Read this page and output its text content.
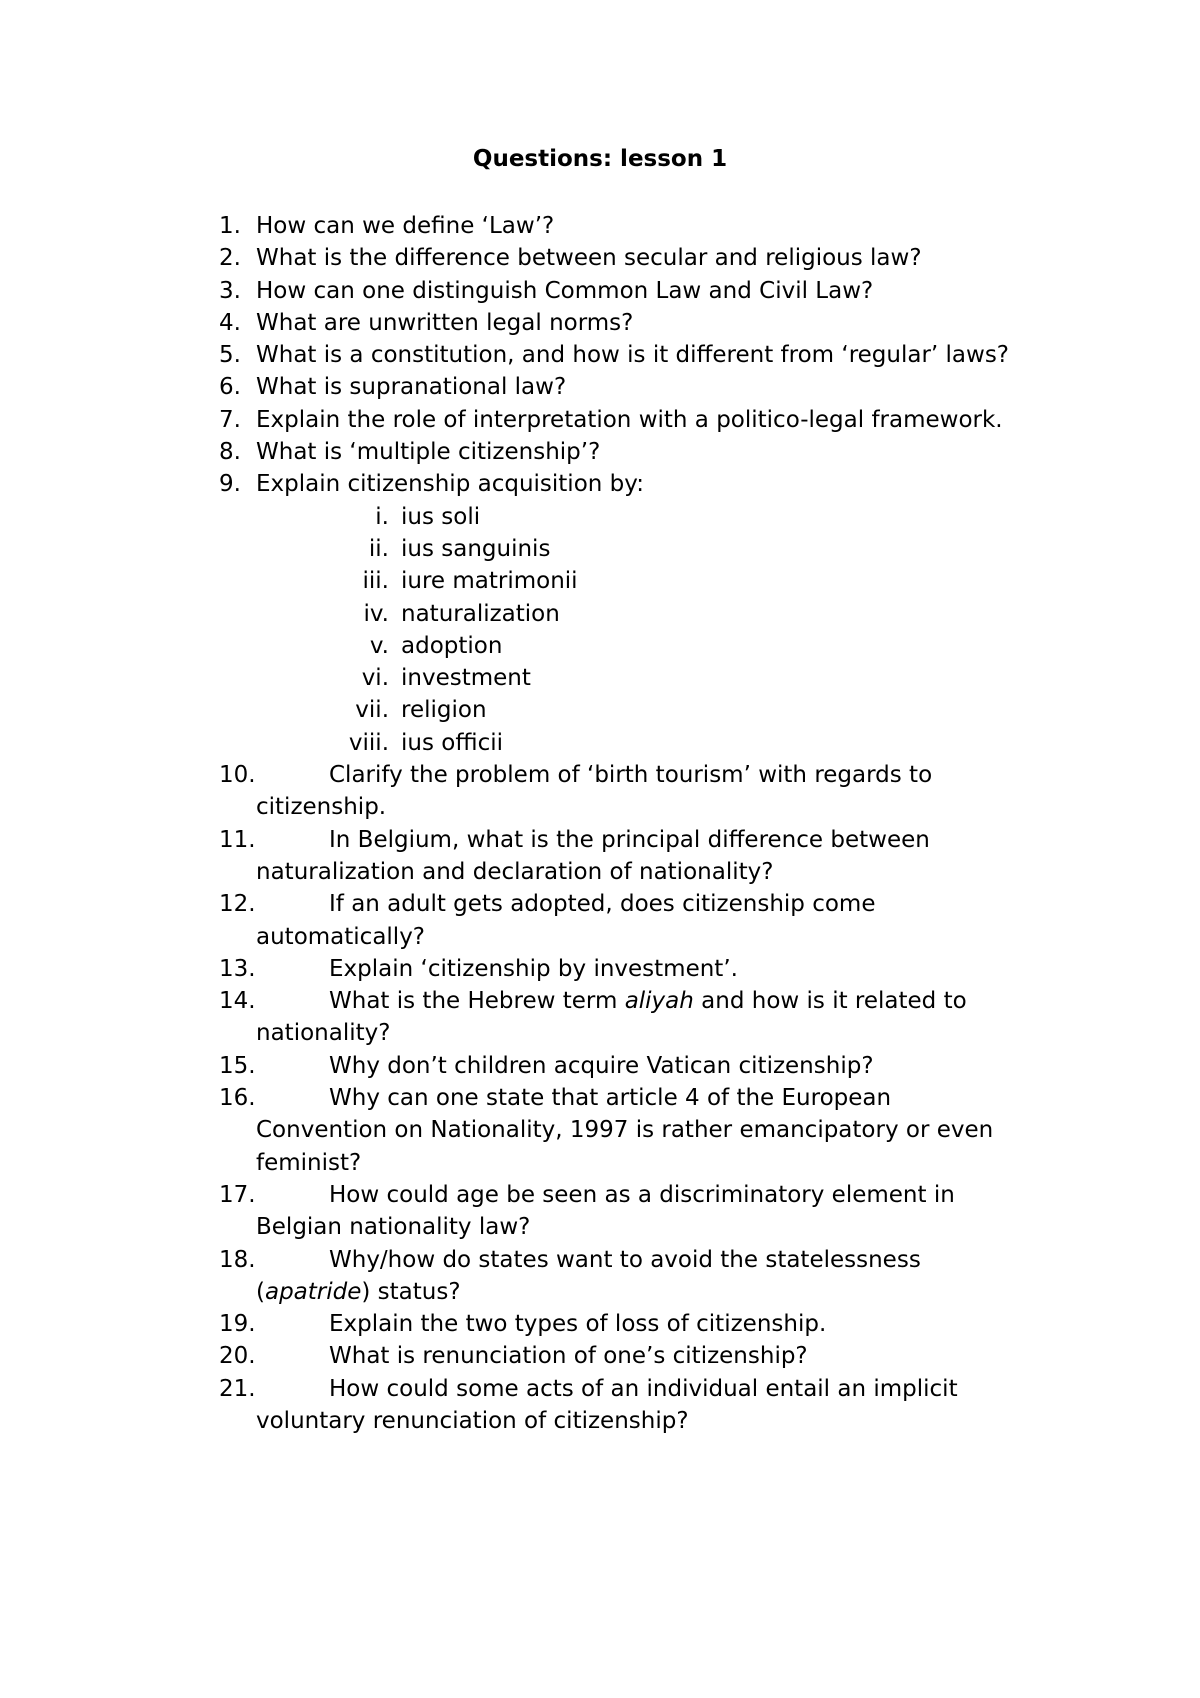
Questions: lesson 1
1. How can we define ‘Law’?
2. What is the difference between secular and religious law?
3. How can one distinguish Common Law and Civil Law?
4. What are unwritten legal norms?
5. What is a constitution, and how is it different from ‘regular’ laws?
6. What is supranational law?
7. Explain the role of interpretation with a politico-legal framework.
8. What is ‘multiple citizenship’?
9. Explain citizenship acquisition by:
i. ius soli
ii. ius sanguinis
iii. iure matrimonii
iv. naturalization
v. adoption
vi. investment
vii. religion
viii. ius officii
10.	Clarify the problem of ‘birth tourism’ with regards to citizenship.
11.	In Belgium, what is the principal difference between naturalization and declaration of nationality?
12.	If an adult gets adopted, does citizenship come automatically?
13.	Explain ‘citizenship by investment’.
14.	What is the Hebrew term aliyah and how is it related to nationality?
15.	Why don’t children acquire Vatican citizenship?
16.	Why can one state that article 4 of the European Convention on Nationality, 1997 is rather emancipatory or even feminist?
17.	How could age be seen as a discriminatory element in Belgian nationality law?
18.	Why/how do states want to avoid the statelessness (apatride) status?
19.	Explain the two types of loss of citizenship.
20.	What is renunciation of one’s citizenship?
21.	How could some acts of an individual entail an implicit voluntary renunciation of citizenship?
